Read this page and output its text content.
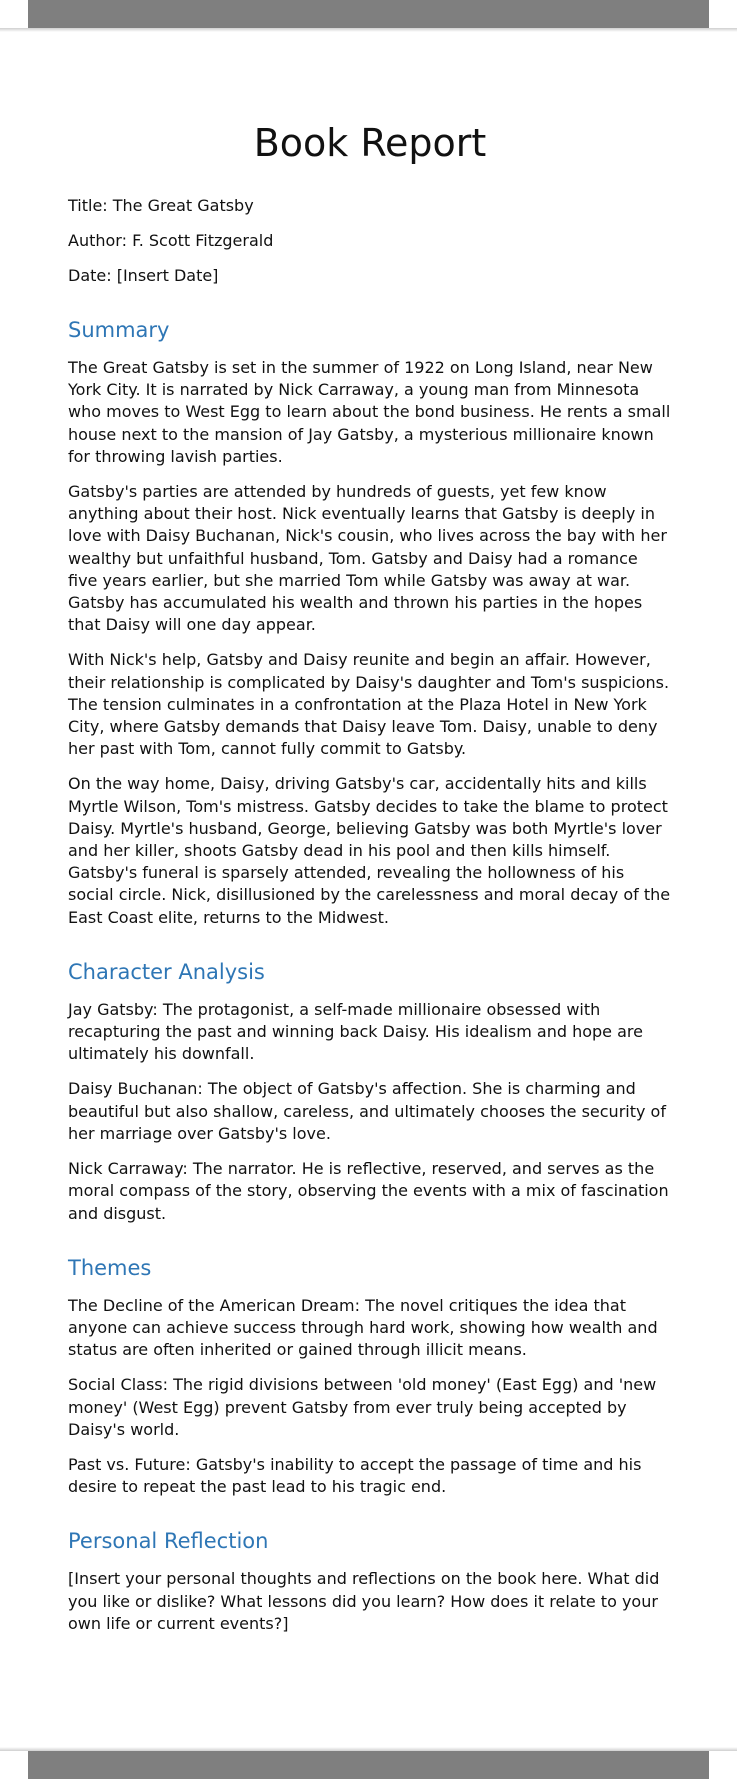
Book Report

Title: The Great Gatsby

Author: F. Scott Fitzgerald

Date: [Insert Date]

Summary

The Great Gatsby is set in the summer of 1922 on Long Island, near New York City. It is narrated by Nick Carraway, a young man from Minnesota who moves to West Egg to learn about the bond business. He rents a small house next to the mansion of Jay Gatsby, a mysterious millionaire known for throwing lavish parties.

Gatsby's parties are attended by hundreds of guests, yet few know anything about their host. Nick eventually learns that Gatsby is deeply in love with Daisy Buchanan, Nick's cousin, who lives across the bay with her wealthy but unfaithful husband, Tom. Gatsby and Daisy had a romance five years earlier, but she married Tom while Gatsby was away at war. Gatsby has accumulated his wealth and thrown his parties in the hopes that Daisy will one day appear.

With Nick's help, Gatsby and Daisy reunite and begin an affair. However, their relationship is complicated by Daisy's daughter and Tom's suspicions. The tension culminates in a confrontation at the Plaza Hotel in New York City, where Gatsby demands that Daisy leave Tom. Daisy, unable to deny her past with Tom, cannot fully commit to Gatsby.

On the way home, Daisy, driving Gatsby's car, accidentally hits and kills Myrtle Wilson, Tom's mistress. Gatsby decides to take the blame to protect Daisy. Myrtle's husband, George, believing Gatsby was both Myrtle's lover and her killer, shoots Gatsby dead in his pool and then kills himself. Gatsby's funeral is sparsely attended, revealing the hollowness of his social circle. Nick, disillusioned by the carelessness and moral decay of the East Coast elite, returns to the Midwest.

Character Analysis

Jay Gatsby: The protagonist, a self-made millionaire obsessed with recapturing the past and winning back Daisy. His idealism and hope are ultimately his downfall.

Daisy Buchanan: The object of Gatsby's affection. She is charming and beautiful but also shallow, careless, and ultimately chooses the security of her marriage over Gatsby's love.

Nick Carraway: The narrator. He is reflective, reserved, and serves as the moral compass of the story, observing the events with a mix of fascination and disgust.

Themes

The Decline of the American Dream: The novel critiques the idea that anyone can achieve success through hard work, showing how wealth and status are often inherited or gained through illicit means.

Social Class: The rigid divisions between 'old money' (East Egg) and 'new money' (West Egg) prevent Gatsby from ever truly being accepted by Daisy's world.

Past vs. Future: Gatsby's inability to accept the passage of time and his desire to repeat the past lead to his tragic end.

Personal Reflection

[Insert your personal thoughts and reflections on the book here. What did you like or dislike? What lessons did you learn? How does it relate to your own life or current events?]
